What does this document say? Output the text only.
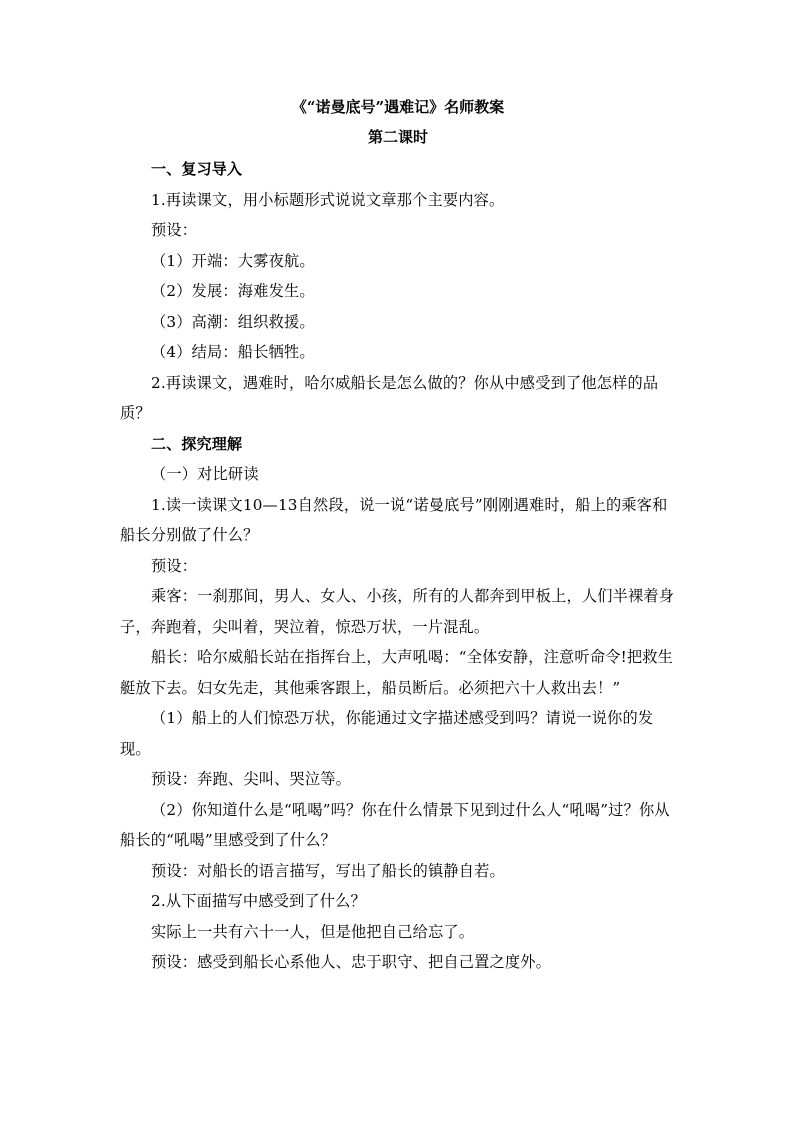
《“诺曼底号”遇难记》名师教案
第二课时

一、复习导入

1.再读课文，用小标题形式说说文章那个主要内容。

预设：

（1）开端：大雾夜航。

（2）发展：海难发生。

（3）高潮：组织救援。

（4）结局：船长牺牲。

2.再读课文，遇难时，哈尔威船长是怎么做的？你从中感受到了他怎样的品质？

二、探究理解

（一）对比研读

1.读一读课文10—13自然段，说一说“诺曼底号”刚刚遇难时，船上的乘客和船长分别做了什么？

预设：

乘客：一刹那间，男人、女人、小孩，所有的人都奔到甲板上，人们半裸着身子，奔跑着，尖叫着，哭泣着，惊恐万状，一片混乱。

船长：哈尔威船长站在指挥台上，大声吼喝：“全体安静，注意听命令!把救生艇放下去。妇女先走，其他乘客跟上，船员断后。必须把六十人救出去！”

（1）船上的人们惊恐万状，你能通过文字描述感受到吗？请说一说你的发现。

预设：奔跑、尖叫、哭泣等。

（2）你知道什么是“吼喝”吗？你在什么情景下见到过什么人“吼喝”过？你从船长的“吼喝”里感受到了什么？

预设：对船长的语言描写，写出了船长的镇静自若。

2.从下面描写中感受到了什么？

实际上一共有六十一人，但是他把自己给忘了。

预设：感受到船长心系他人、忠于职守、把自己置之度外。
